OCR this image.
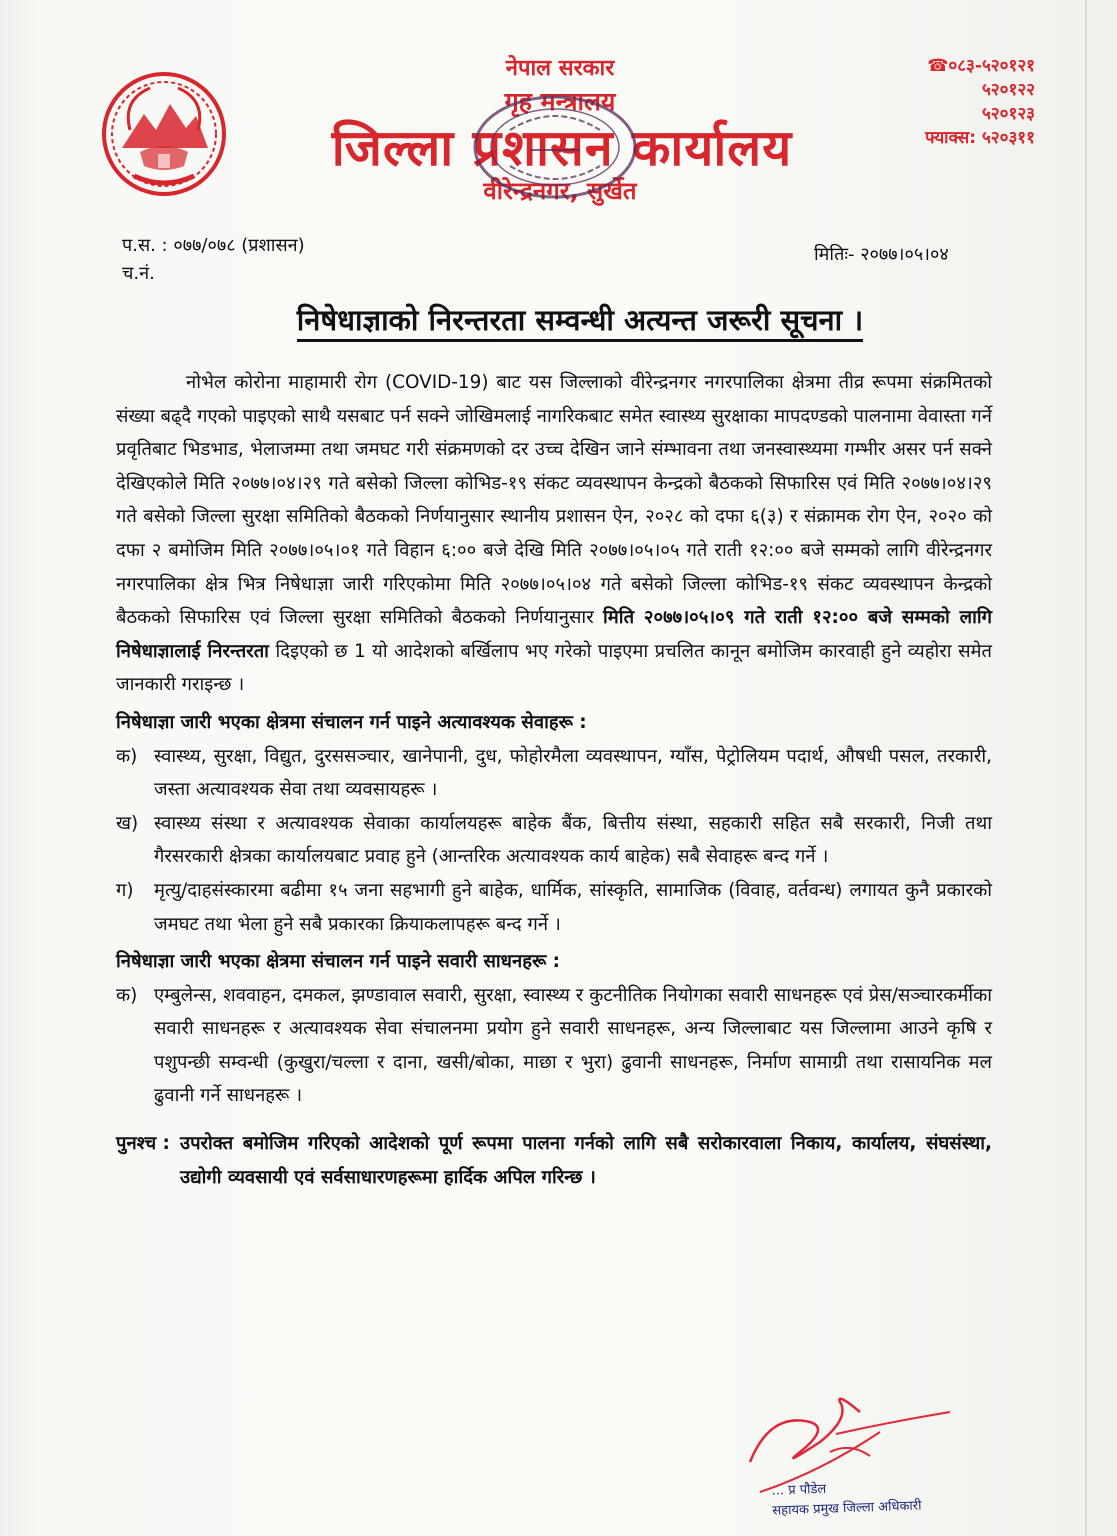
नेपाल सरकार
गृह मन्त्रालय
जिल्ला प्रशासन कार्यालय
वीरेन्द्रनगर, सुर्खेत
☎०८३-५२०१२१
५२०१२२
५२०१२३
फ्याक्स: ५२०३११
प.स. : ०७७/०७८ (प्रशासन)
च.नं.
मितिः- २०७७।०५।०४
निषेधाज्ञाको निरन्तरता सम्वन्धी अत्यन्त जरूरी सूचना ।

नोभेल कोरोना माहामारी रोग (COVID-19) बाट यस जिल्लाको वीरेन्द्रनगर नगरपालिका क्षेत्रमा तीव्र रूपमा संक्रमितको संख्या बढ्दै गएको पाइएको साथै यसबाट पर्न सक्ने जोखिमलाई नागरिकबाट समेत स्वास्थ्य सुरक्षाका मापदण्डको पालनामा वेवास्ता गर्ने प्रवृतिबाट भिडभाड, भेलाजम्मा तथा जमघट गरी संक्रमणको दर उच्च देखिन जाने संम्भावना तथा जनस्वास्थ्यमा गम्भीर असर पर्न सक्ने देखिएकोले मिति २०७७।०४।२९ गते बसेको जिल्ला कोभिड-१९ संकट व्यवस्थापन केन्द्रको बैठकको सिफारिस एवं मिति २०७७।०४।२९ गते बसेको जिल्ला सुरक्षा समितिको बैठकको निर्णयानुसार स्थानीय प्रशासन ऐन, २०२८ को दफा ६(३) र संक्रामक रोग ऐन, २०२० को दफा २ बमोजिम मिति २०७७।०५।०१ गते विहान ६:०० बजे देखि मिति २०७७।०५।०५ गते राती १२:०० बजे सम्मको लागि वीरेन्द्रनगर नगरपालिका क्षेत्र भित्र निषेधाज्ञा जारी गरिएकोमा मिति २०७७।०५।०४ गते बसेको जिल्ला कोभिड-१९ संकट व्यवस्थापन केन्द्रको बैठकको सिफारिस एवं जिल्ला सुरक्षा समितिको बैठकको निर्णयानुसार मिति २०७७।०५।०९ गते राती १२:०० बजे सम्मको लागि निषेधाज्ञालाई निरन्तरता दिइएको छ 1 यो आदेशको बर्खिलाप भए गरेको पाइएमा प्रचलित कानून बमोजिम कारवाही हुने व्यहोरा समेत जानकारी गराइन्छ ।

निषेधाज्ञा जारी भएका क्षेत्रमा संचालन गर्न पाइने अत्यावश्यक सेवाहरू :

क) स्वास्थ्य, सुरक्षा, विद्युत, दुरससञ्चार, खानेपानी, दुध, फोहोरमैला व्यवस्थापन, ग्याँस, पेट्रोलियम पदार्थ, औषधी पसल, तरकारी, जस्ता अत्यावश्यक सेवा तथा व्यवसायहरू ।
ख) स्वास्थ्य संस्था र अत्यावश्यक सेवाका कार्यालयहरू बाहेक बैंक, बित्तीय संस्था, सहकारी सहित सबै सरकारी, निजी तथा गैरसरकारी क्षेत्रका कार्यालयबाट प्रवाह हुने (आन्तरिक अत्यावश्यक कार्य बाहेक) सबै सेवाहरू बन्द गर्ने ।
ग)	मृत्यु/दाहसंस्कारमा बढीमा १५ जना सहभागी हुने बाहेक, धार्मिक, सांस्कृति, सामाजिक (विवाह, वर्तवन्ध) लगायत कुनै प्रकारको जमघट तथा भेला हुने सबै प्रकारका क्रियाकलापहरू बन्द गर्ने ।

निषेधाज्ञा जारी भएका क्षेत्रमा संचालन गर्न पाइने सवारी साधनहरू :

क) एम्बुलेन्स, शववाहन, दमकल, झण्डावाल सवारी, सुरक्षा, स्वास्थ्य र कुटनीतिक नियोगका सवारी साधनहरू एवं प्रेस/सञ्चारकर्मीका सवारी साधनहरू र अत्यावश्यक सेवा संचालनमा प्रयोग हुने सवारी साधनहरू, अन्य जिल्लाबाट यस जिल्लामा आउने कृषि र पशुपन्छी सम्वन्धी (कुखुरा/चल्ला र दाना, खसी/बोका, माछा र भुरा) ढुवानी साधनहरू, निर्माण सामाग्री तथा रासायनिक मल ढुवानी गर्ने साधनहरू ।
पुनश्च : उपरोक्त बमोजिम गरिएको आदेशको पूर्ण रूपमा पालना गर्नको लागि सबै सरोकारवाला निकाय, कार्यालय, संघसंस्था, उद्योगी व्यवसायी एवं सर्वसाधारणहरूमा हार्दिक अपिल गरिन्छ ।
... प्र पौडेल
सहायक प्रमुख जिल्ला अधिकारी
